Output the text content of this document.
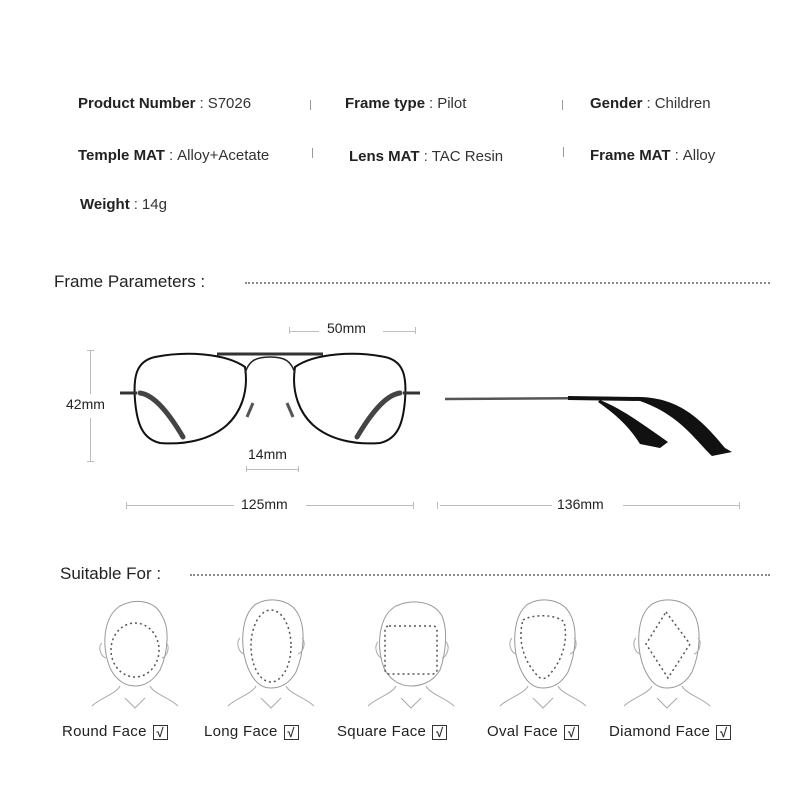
Product Number : S7026	Frame type : Pilot	Gender : Children
Temple MAT : Alloy+Acetate	Lens MAT : TAC Resin	Frame MAT : Alloy
Weight : 14g
Frame Parameters :
50mm
42mm
14mm
125mm	136mm
Suitable For :
Round Face √	Long Face √	Square Face √	Oval Face √ Diamond Face √
